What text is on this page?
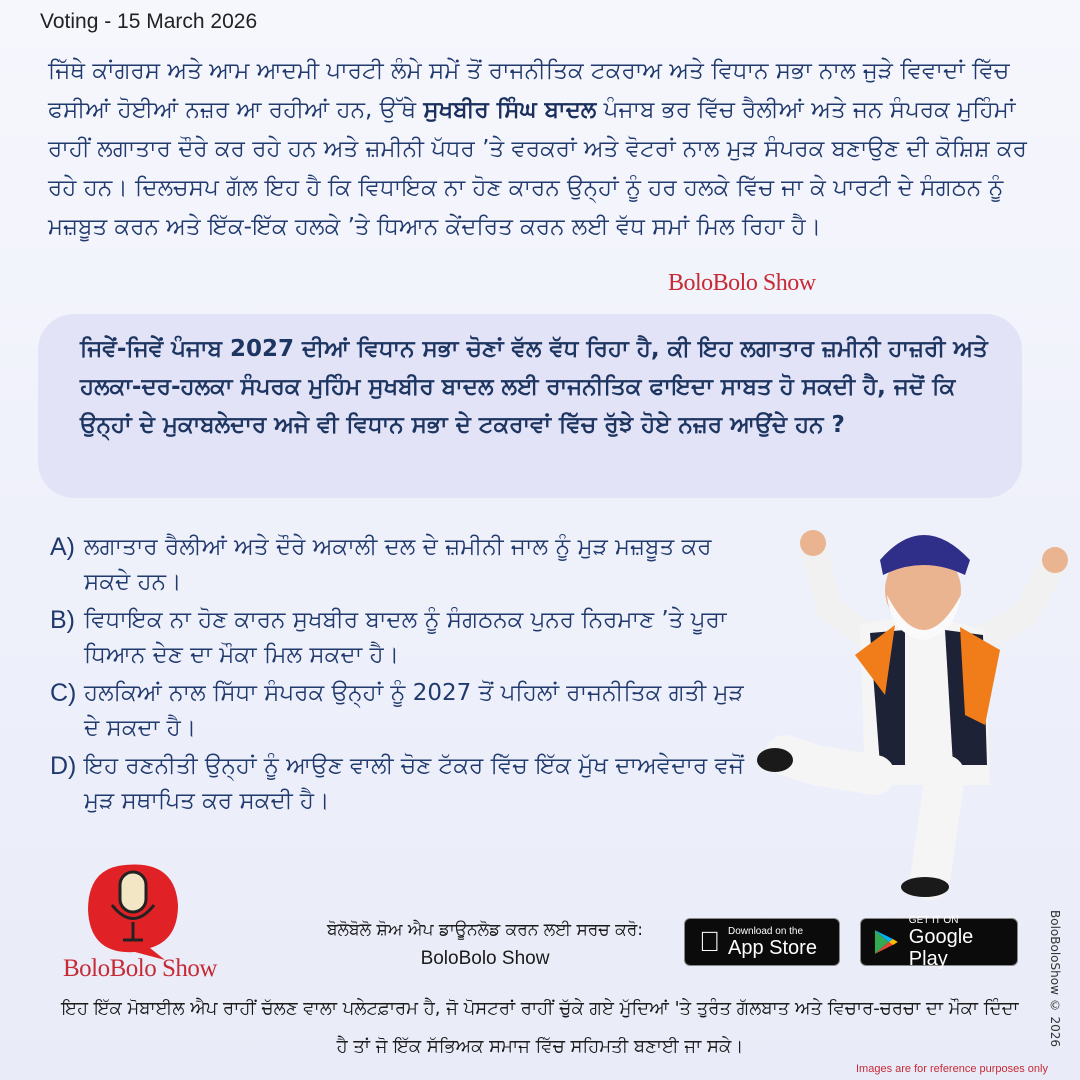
Voting - 15 March 2026
ਜਿੱਥੇ ਕਾਂਗਰਸ ਅਤੇ ਆਮ ਆਦਮੀ ਪਾਰਟੀ ਲੰਮੇ ਸਮੇਂ ਤੋਂ ਰਾਜਨੀਤਿਕ ਟਕਰਾਅ ਅਤੇ ਵਿਧਾਨ ਸਭਾ ਨਾਲ ਜੁੜੇ ਵਿਵਾਦਾਂ ਵਿੱਚ ਫਸੀਆਂ ਹੋਈਆਂ ਨਜ਼ਰ ਆ ਰਹੀਆਂ ਹਨ, ਉੱਥੇ ਸੁਖਬੀਰ ਸਿੰਘ ਬਾਦਲ ਪੰਜਾਬ ਭਰ ਵਿੱਚ ਰੈਲੀਆਂ ਅਤੇ ਜਨ ਸੰਪਰਕ ਮੁਹਿੰਮਾਂ ਰਾਹੀਂ ਲਗਾਤਾਰ ਦੌਰੇ ਕਰ ਰਹੇ ਹਨ ਅਤੇ ਜ਼ਮੀਨੀ ਪੱਧਰ ’ਤੇ ਵਰਕਰਾਂ ਅਤੇ ਵੋਟਰਾਂ ਨਾਲ ਮੁੜ ਸੰਪਰਕ ਬਣਾਉਣ ਦੀ ਕੋਸ਼ਿਸ਼ ਕਰ ਰਹੇ ਹਨ। ਦਿਲਚਸਪ ਗੱਲ ਇਹ ਹੈ ਕਿ ਵਿਧਾਇਕ ਨਾ ਹੋਣ ਕਾਰਨ ਉਨ੍ਹਾਂ ਨੂੰ ਹਰ ਹਲਕੇ ਵਿੱਚ ਜਾ ਕੇ ਪਾਰਟੀ ਦੇ ਸੰਗਠਨ ਨੂੰ ਮਜ਼ਬੂਤ ਕਰਨ ਅਤੇ ਇੱਕ-ਇੱਕ ਹਲਕੇ ’ਤੇ ਧਿਆਨ ਕੇਂਦਰਿਤ ਕਰਨ ਲਈ ਵੱਧ ਸਮਾਂ ਮਿਲ ਰਿਹਾ ਹੈ।
BoloBolo Show
ਜਿਵੇਂ-ਜਿਵੇਂ ਪੰਜਾਬ 2027 ਦੀਆਂ ਵਿਧਾਨ ਸਭਾ ਚੋਣਾਂ ਵੱਲ ਵੱਧ ਰਿਹਾ ਹੈ, ਕੀ ਇਹ ਲਗਾਤਾਰ ਜ਼ਮੀਨੀ ਹਾਜ਼ਰੀ ਅਤੇ ਹਲਕਾ-ਦਰ-ਹਲਕਾ ਸੰਪਰਕ ਮੁਹਿੰਮ ਸੁਖਬੀਰ ਬਾਦਲ ਲਈ ਰਾਜਨੀਤਿਕ ਫਾਇਦਾ ਸਾਬਤ ਹੋ ਸਕਦੀ ਹੈ, ਜਦੋਂ ਕਿ ਉਨ੍ਹਾਂ ਦੇ ਮੁਕਾਬਲੇਦਾਰ ਅਜੇ ਵੀ ਵਿਧਾਨ ਸਭਾ ਦੇ ਟਕਰਾਵਾਂ ਵਿੱਚ ਰੁੱਝੇ ਹੋਏ ਨਜ਼ਰ ਆਉਂਦੇ ਹਨ ?
A) ਲਗਾਤਾਰ ਰੈਲੀਆਂ ਅਤੇ ਦੌਰੇ ਅਕਾਲੀ ਦਲ ਦੇ ਜ਼ਮੀਨੀ ਜਾਲ ਨੂੰ ਮੁੜ ਮਜ਼ਬੂਤ ਕਰ ਸਕਦੇ ਹਨ।
B) ਵਿਧਾਇਕ ਨਾ ਹੋਣ ਕਾਰਨ ਸੁਖਬੀਰ ਬਾਦਲ ਨੂੰ ਸੰਗਠਨਕ ਪੁਨਰ ਨਿਰਮਾਣ ’ਤੇ ਪੂਰਾ ਧਿਆਨ ਦੇਣ ਦਾ ਮੌਕਾ ਮਿਲ ਸਕਦਾ ਹੈ।
C) ਹਲਕਿਆਂ ਨਾਲ ਸਿੱਧਾ ਸੰਪਰਕ ਉਨ੍ਹਾਂ ਨੂੰ 2027 ਤੋਂ ਪਹਿਲਾਂ ਰਾਜਨੀਤਿਕ ਗਤੀ ਮੁੜ ਦੇ ਸਕਦਾ ਹੈ।
D) ਇਹ ਰਣਨੀਤੀ ਉਨ੍ਹਾਂ ਨੂੰ ਆਉਣ ਵਾਲੀ ਚੋਣ ਟੱਕਰ ਵਿੱਚ ਇੱਕ ਮੁੱਖ ਦਾਅਵੇਦਾਰ ਵਜੋਂ ਮੁੜ ਸਥਾਪਿਤ ਕਰ ਸਕਦੀ ਹੈ।
BoloBolo Show
ਬੋਲੋਬੋਲੋ ਸ਼ੋਅ ਐਪ ਡਾਊਨਲੋਡ ਕਰਨ ਲਈ ਸਰਚ ਕਰੋ:
BoloBolo Show
Download on the
App Store
GET IT ON
Google Play
ਇਹ ਇੱਕ ਮੋਬਾਈਲ ਐਪ ਰਾਹੀਂ ਚੱਲਣ ਵਾਲਾ ਪਲੇਟਫ਼ਾਰਮ ਹੈ, ਜੋ ਪੋਸਟਰਾਂ ਰਾਹੀਂ ਚੁੱਕੇ ਗਏ ਮੁੱਦਿਆਂ 'ਤੇ ਤੁਰੰਤ ਗੱਲਬਾਤ ਅਤੇ ਵਿਚਾਰ-ਚਰਚਾ ਦਾ ਮੌਕਾ ਦਿੰਦਾ ਹੈ ਤਾਂ ਜੋ ਇੱਕ ਸੱਭਿਅਕ ਸਮਾਜ ਵਿੱਚ ਸਹਿਮਤੀ ਬਣਾਈ ਜਾ ਸਕੇ।	BoloBoloShow © 2026
Images are for reference purposes only
